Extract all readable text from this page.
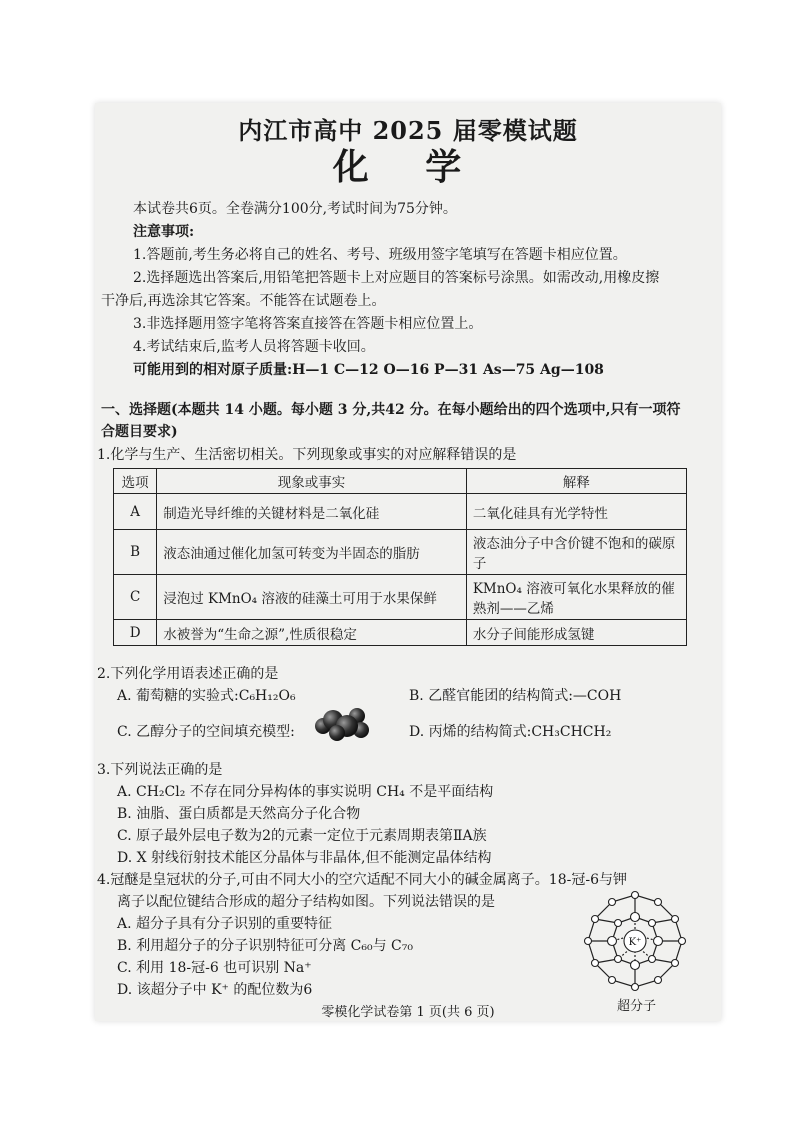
内江市高中 2025 届零模试题
化 学
本试卷共6页。全卷满分100分,考试时间为75分钟。
注意事项:
1.答题前,考生务必将自己的姓名、考号、班级用签字笔填写在答题卡相应位置。
2.选择题选出答案后,用铅笔把答题卡上对应题目的答案标号涂黑。如需改动,用橡皮擦
干净后,再选涂其它答案。不能答在试题卷上。
3.非选择题用签字笔将答案直接答在答题卡相应位置上。
4.考试结束后,监考人员将答题卡收回。
可能用到的相对原子质量:H—1 C—12 O—16 P—31 As—75 Ag—108
一、选择题(本题共 14 小题。每小题 3 分,共42 分。在每小题给出的四个选项中,只有一项符
合题目要求)
1.化学与生产、生活密切相关。下列现象或事实的对应解释错误的是
选项	现象或事实	解释
A	制造光导纤维的关键材料是二氧化硅	二氧化硅具有光学特性
B	液态油通过催化加氢可转变为半固态的脂肪	液态油分子中含价键不饱和的碳原子
C	浸泡过 KMnO₄ 溶液的硅藻土可用于水果保鲜	KMnO₄ 溶液可氧化水果释放的催熟剂——乙烯
D	水被誉为“生命之源”,性质很稳定	水分子间能形成氢键
2.下列化学用语表述正确的是
A. 葡萄糖的实验式:C₆H₁₂O₆	B. 乙醛官能团的结构简式:—COH
C. 乙醇分子的空间填充模型:	D. 丙烯的结构简式:CH₃CHCH₂
3.下列说法正确的是
A. CH₂Cl₂ 不存在同分异构体的事实说明 CH₄ 不是平面结构
B. 油脂、蛋白质都是天然高分子化合物
C. 原子最外层电子数为2的元素一定位于元素周期表第ⅡA族
D. X 射线衍射技术能区分晶体与非晶体,但不能测定晶体结构
4.冠醚是皇冠状的分子,可由不同大小的空穴适配不同大小的碱金属离子。18-冠-6与钾
离子以配位键结合形成的超分子结构如图。下列说法错误的是
A. 超分子具有分子识别的重要特征
B. 利用超分子的分子识别特征可分离 C₆₀与 C₇₀
C. 利用 18-冠-6 也可识别 Na⁺
D. 该超分子中 K⁺ 的配位数为6
K⁺
超分子
零模化学试卷第 1 页(共 6 页)
